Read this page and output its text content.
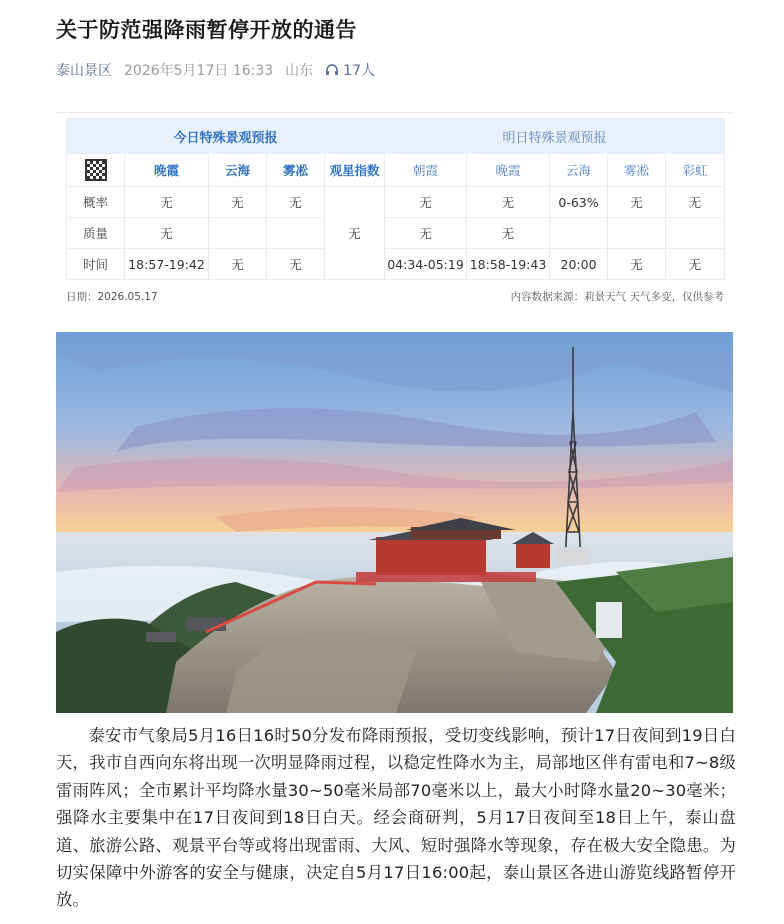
关于防范强降雨暂停开放的通告
泰山景区 2026年5月17日 16:33 山东 17人
今日特殊景观预报					明日特殊景观预报				

	晚霞	云海	雾凇	观星指数	朝霞	晚霞	云海	雾凇	彩虹
概率	无	无	无	无	无	无	0-63%	无	无
质量	无				无	无			
时间	18:57-19:42	无	无		04:34-05:19	18:58-19:43	20:00	无	无
日期：2026.05.17	内容数据来源：莉景天气 天气多变，仅供参考

泰安市气象局5月16日16时50分发布降雨预报，受切变线影响，预计17日夜间到19日白天，我市自西向东将出现一次明显降雨过程，以稳定性降水为主，局部地区伴有雷电和7~8级雷雨阵风；全市累计平均降水量30~50毫米局部70毫米以上，最大小时降水量20~30毫米；强降水主要集中在17日夜间到18日白天。经会商研判，5月17日夜间至18日上午，泰山盘道、旅游公路、观景平台等或将出现雷雨、大风、短时强降水等现象，存在极大安全隐患。为切实保障中外游客的安全与健康，决定自5月17日16:00起，泰山景区各进山游览线路暂停开放。
